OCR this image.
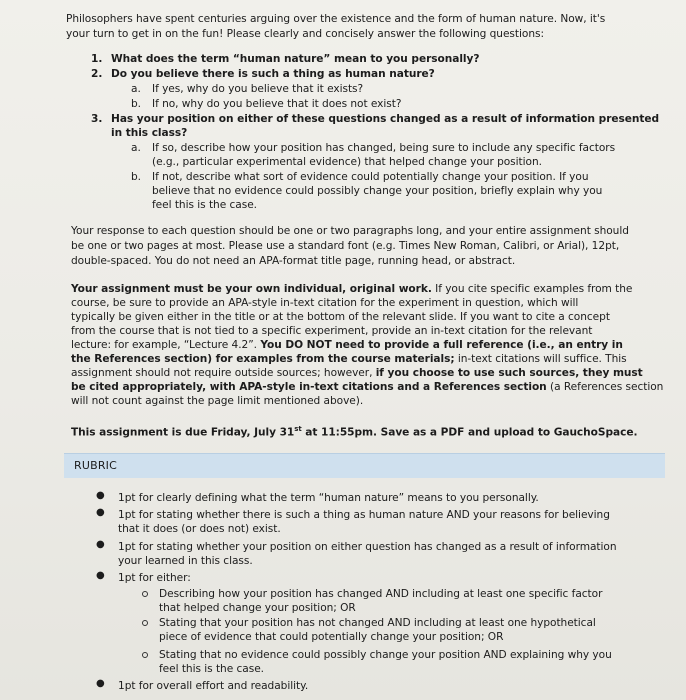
Philosophers have spent centuries arguing over the existence and the form of human nature. Now, it's
your turn to get in on the fun! Please clearly and concisely answer the following questions:
1. What does the term “human nature” mean to you personally?
2. Do you believe there is such a thing as human nature?
a. If yes, why do you believe that it exists?
b. If no, why do you believe that it does not exist?
3. Has your position on either of these questions changed as a result of information presented
in this class?
a. If so, describe how your position has changed, being sure to include any specific factors
(e.g., particular experimental evidence) that helped change your position.
b. If not, describe what sort of evidence could potentially change your position. If you
believe that no evidence could possibly change your position, briefly explain why you
feel this is the case.
Your response to each question should be one or two paragraphs long, and your entire assignment should
be one or two pages at most. Please use a standard font (e.g. Times New Roman, Calibri, or Arial), 12pt,
double-spaced. You do not need an APA-format title page, running head, or abstract.
Your assignment must be your own individual, original work. If you cite specific examples from the
course, be sure to provide an APA-style in-text citation for the experiment in question, which will
typically be given either in the title or at the bottom of the relevant slide. If you want to cite a concept
from the course that is not tied to a specific experiment, provide an in-text citation for the relevant
lecture: for example, “Lecture 4.2”. You DO NOT need to provide a full reference (i.e., an entry in
the References section) for examples from the course materials; in-text citations will suffice. This
assignment should not require outside sources; however, if you choose to use such sources, they must
be cited appropriately, with APA-style in-text citations and a References section (a References section
will not count against the page limit mentioned above).
This assignment is due Friday, July 31st at 11:55pm. Save as a PDF and upload to GauchoSpace.
RUBRIC
● 1pt for clearly defining what the term “human nature” means to you personally.
● 1pt for stating whether there is such a thing as human nature AND your reasons for believing
that it does (or does not) exist.
● 1pt for stating whether your position on either question has changed as a result of information
your learned in this class.
● 1pt for either:
Describing how your position has changed AND including at least one specific factor
that helped change your position; OR
Stating that your position has not changed AND including at least one hypothetical
piece of evidence that could potentially change your position; OR
Stating that no evidence could possibly change your position AND explaining why you
feel this is the case.
● 1pt for overall effort and readability.
